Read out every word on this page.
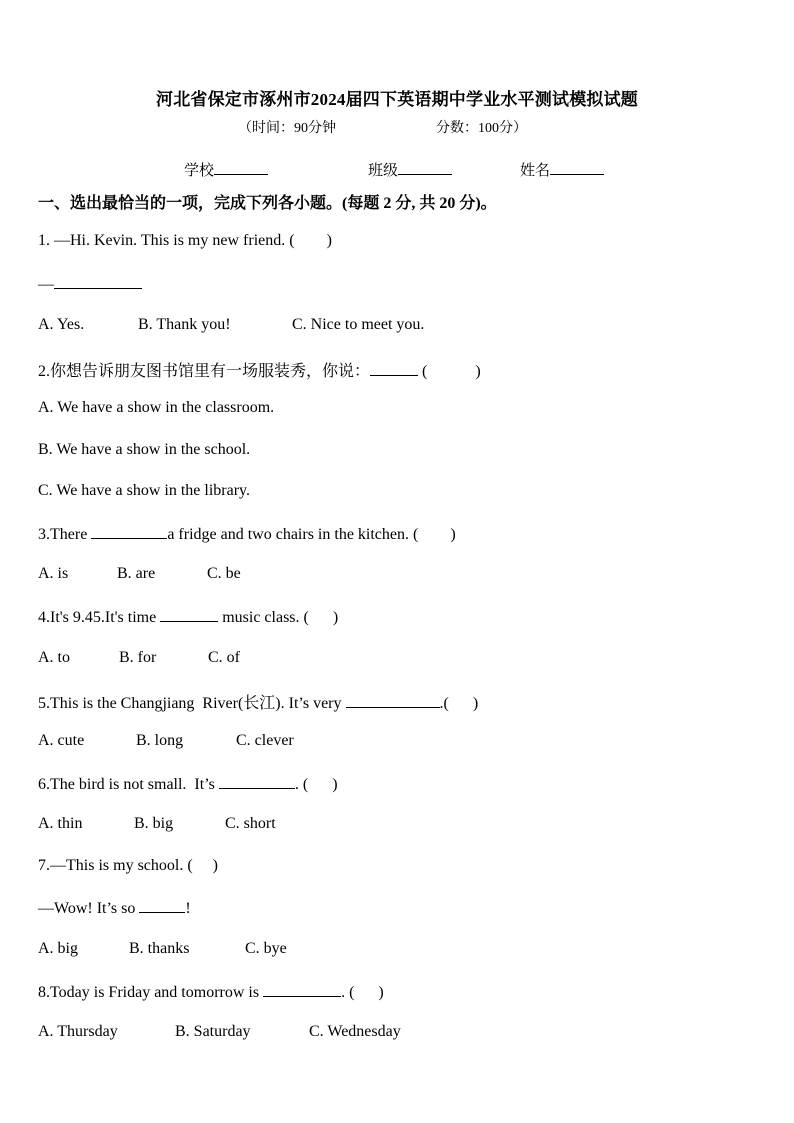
河北省保定市涿州市2024届四下英语期中学业水平测试模拟试题
（时间：90分钟	分数：100分）
学校	班级	姓名
一、选出最恰当的一项，完成下列各小题。(每题 2 分, 共 20 分)。
1. —Hi. Kevin. This is my new friend. (        )
—
A. Yes.	B. Thank you!	C. Nice to meet you.
2.你想告诉朋友图书馆里有一场服装秀，你说：	(            )
A. We have a show in the classroom.
B. We have a show in the school.
C. We have a show in the library.
3.There	a fridge and two chairs in the kitchen. (        )
A. is	B. are	C. be
4.It's 9.45.It's time	music class. (      )
A. to	B. for	C. of
5.This is the Changjiang  River(长江). It’s very	.(      )
A. cute	B. long	C. clever
6.The bird is not small.  It’s	. (      )
A. thin	B. big	C. short
7.—This is my school. (     )
—Wow! It’s so	!
A. big	B. thanks	C. bye
8.Today is Friday and tomorrow is	. (      )
A. Thursday	B. Saturday	C. Wednesday
